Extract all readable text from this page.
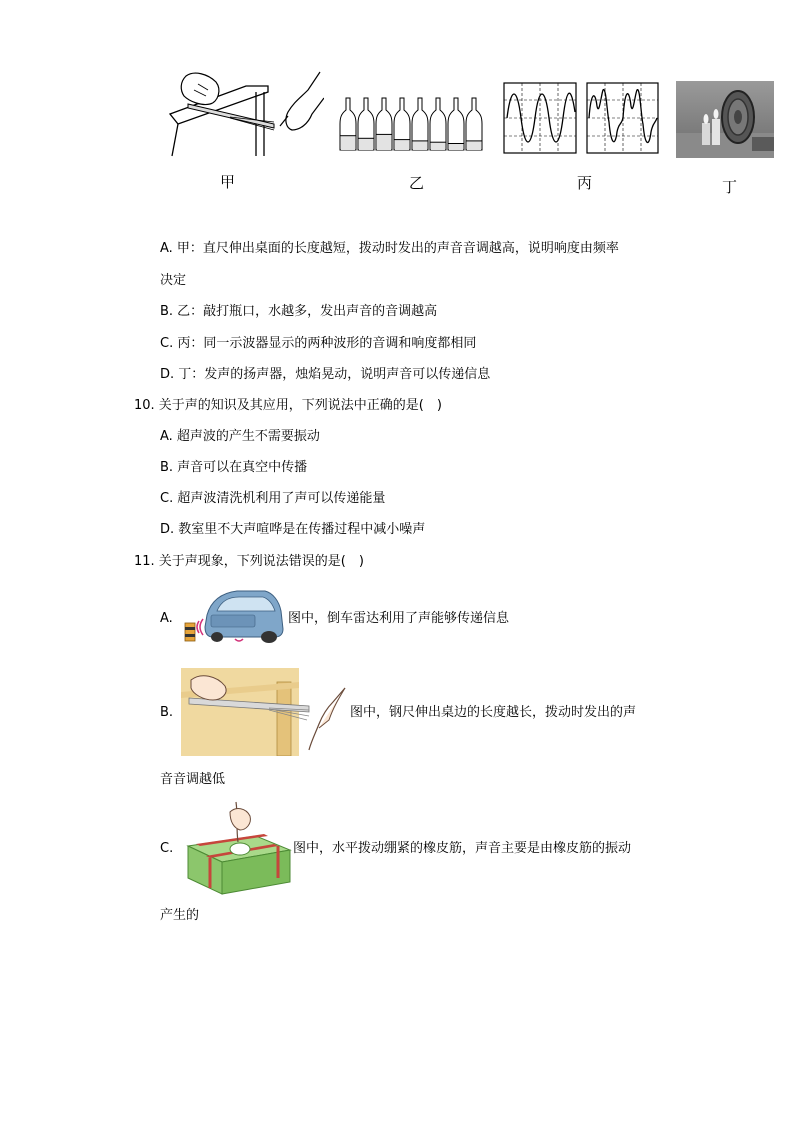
甲	乙	丙	丁
A. 甲：直尺伸出桌面的长度越短，拨动时发出的声音音调越高，说明响度由频率
决定
B. 乙：敲打瓶口，水越多，发出声音的音调越高
C. 丙：同一示波器显示的两种波形的音调和响度都相同
D. 丁：发声的扬声器，烛焰晃动，说明声音可以传递信息
10. 关于声的知识及其应用，下列说法中正确的是(　)
A. 超声波的产生不需要振动
B. 声音可以在真空中传播
C. 超声波清洗机利用了声可以传递能量
D. 教室里不大声喧哗是在传播过程中减小噪声
11. 关于声现象，下列说法错误的是(　)
A.	图中，倒车雷达利用了声能够传递信息
B.	图中，钢尺伸出桌边的长度越长，拨动时发出的声
音音调越低
C.	图中，水平拨动绷紧的橡皮筋，声音主要是由橡皮筋的振动
产生的
